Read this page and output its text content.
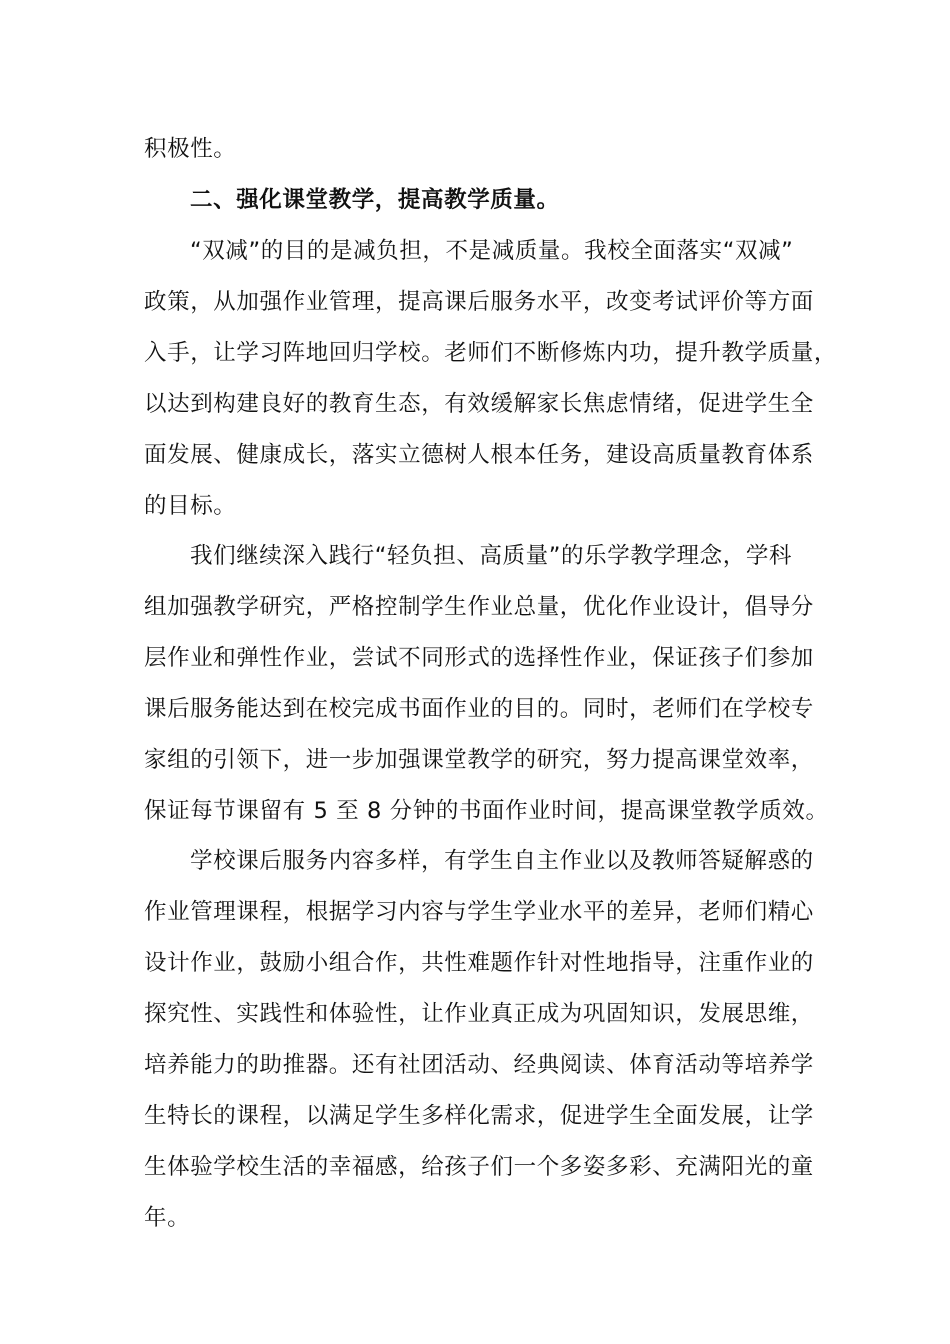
积极性。
二、强化课堂教学，提高教学质量。
“双减”的目的是减负担，不是减质量。我校全面落实“双减”
政策，从加强作业管理，提高课后服务水平，改变考试评价等方面
入手，让学习阵地回归学校。老师们不断修炼内功，提升教学质量，
以达到构建良好的教育生态，有效缓解家长焦虑情绪，促进学生全
面发展、健康成长，落实立德树人根本任务，建设高质量教育体系
的目标。
我们继续深入践行“轻负担、高质量”的乐学教学理念，学科
组加强教学研究，严格控制学生作业总量，优化作业设计，倡导分
层作业和弹性作业，尝试不同形式的选择性作业，保证孩子们参加
课后服务能达到在校完成书面作业的目的。同时，老师们在学校专
家组的引领下，进一步加强课堂教学的研究，努力提高课堂效率，
保证每节课留有 5 至 8 分钟的书面作业时间，提高课堂教学质效。
学校课后服务内容多样，有学生自主作业以及教师答疑解惑的
作业管理课程，根据学习内容与学生学业水平的差异，老师们精心
设计作业，鼓励小组合作，共性难题作针对性地指导，注重作业的
探究性、实践性和体验性，让作业真正成为巩固知识，发展思维，
培养能力的助推器。还有社团活动、经典阅读、体育活动等培养学
生特长的课程，以满足学生多样化需求，促进学生全面发展，让学
生体验学校生活的幸福感，给孩子们一个多姿多彩、充满阳光的童
年。
